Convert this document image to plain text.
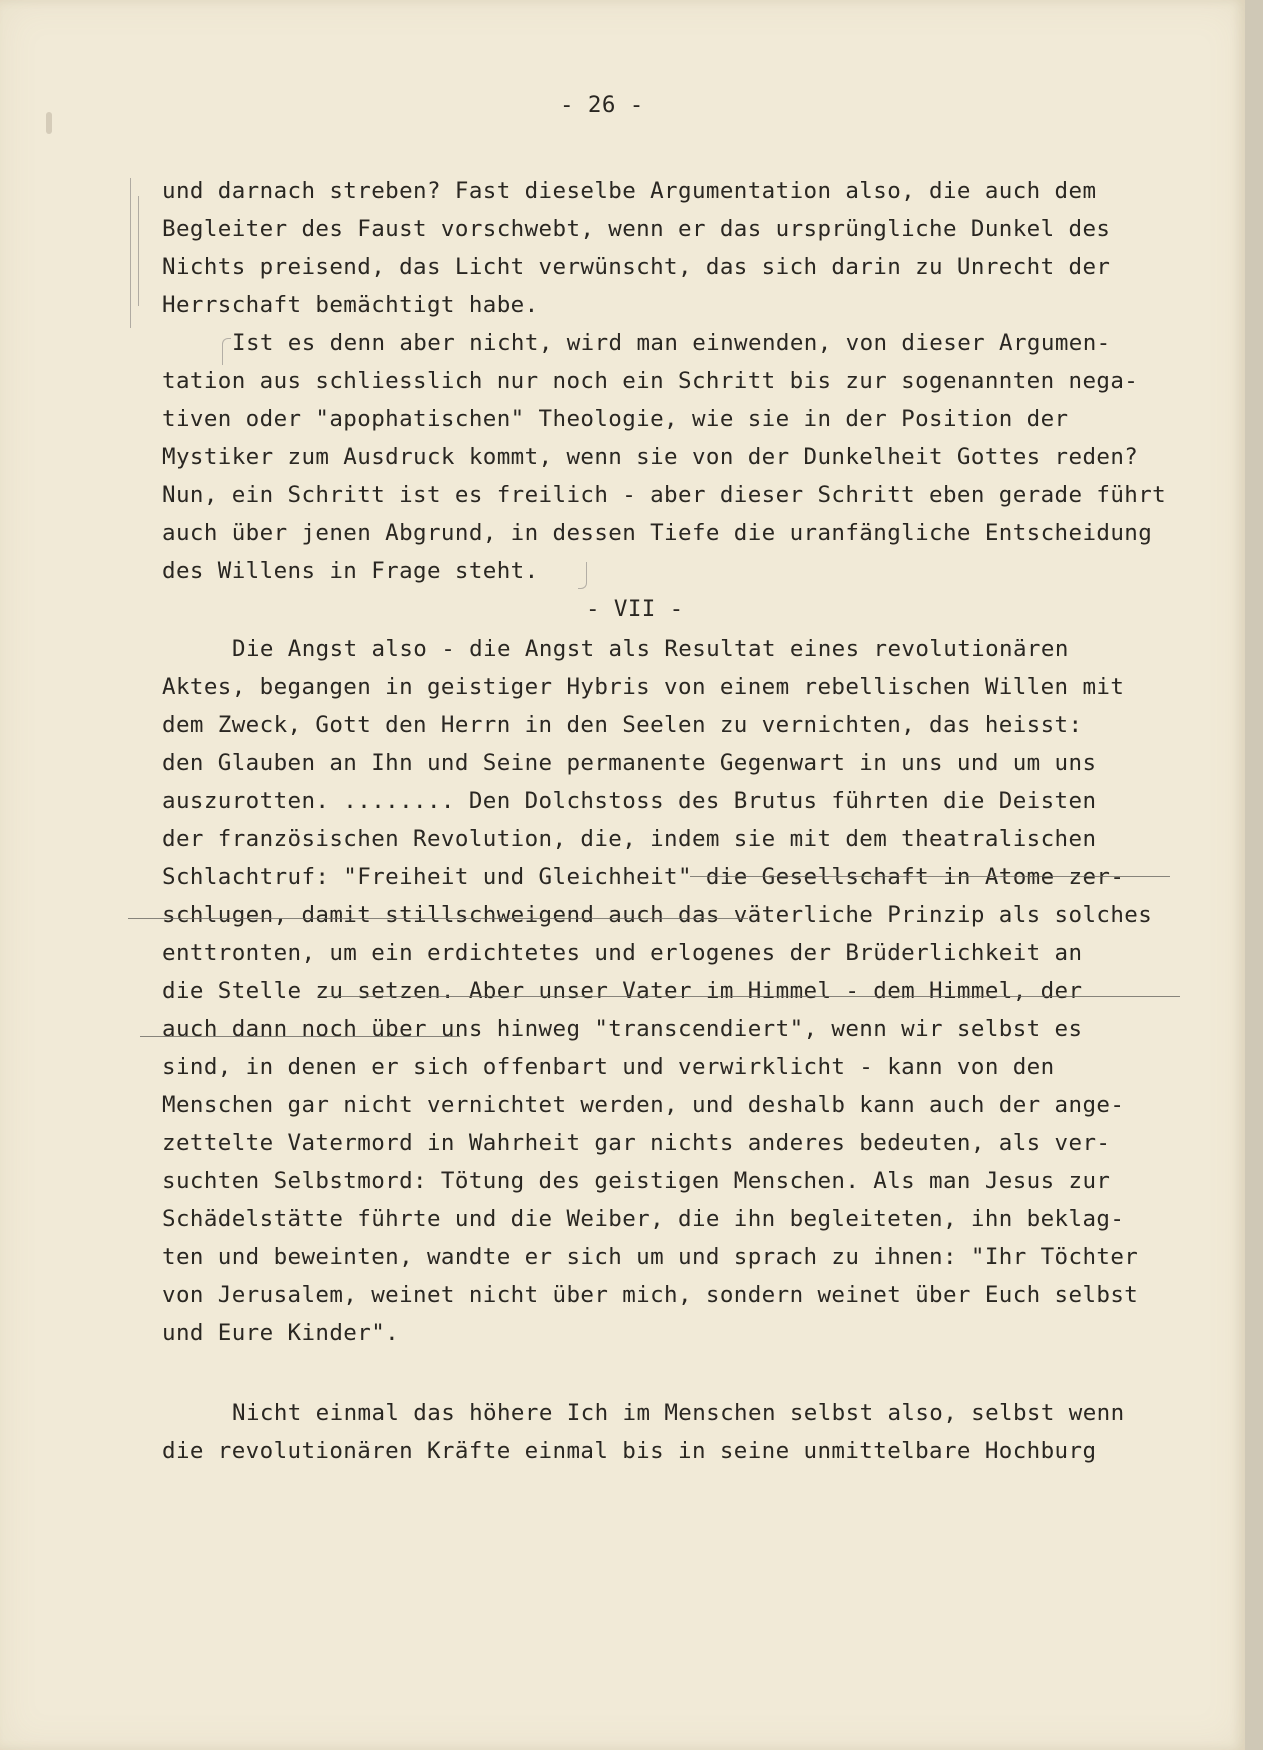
- 26 -
und darnach streben? Fast dieselbe Argumentation also, die auch dem
Begleiter des Faust vorschwebt, wenn er das ursprüngliche Dunkel des
Nichts preisend, das Licht verwünscht, das sich darin zu Unrecht der
Herrschaft bemächtigt habe.
Ist es denn aber nicht, wird man einwenden, von dieser Argumen-
tation aus schliesslich nur noch ein Schritt bis zur sogenannten nega-
tiven oder "apophatischen" Theologie, wie sie in der Position der
Mystiker zum Ausdruck kommt, wenn sie von der Dunkelheit Gottes reden?
Nun, ein Schritt ist es freilich - aber dieser Schritt eben gerade führt
auch über jenen Abgrund, in dessen Tiefe die uranfängliche Entscheidung
des Willens in Frage steht.
- VII -
Die Angst also - die Angst als Resultat eines revolutionären
Aktes, begangen in geistiger Hybris von einem rebellischen Willen mit
dem Zweck, Gott den Herrn in den Seelen zu vernichten, das heisst:
den Glauben an Ihn und Seine permanente Gegenwart in uns und um uns
auszurotten. ........ Den Dolchstoss des Brutus führten die Deisten
der französischen Revolution, die, indem sie mit dem theatralischen
Schlachtruf: "Freiheit und Gleichheit" die Gesellschaft in Atome zer-
schlugen, damit stillschweigend auch das väterliche Prinzip als solches
enttronten, um ein erdichtetes und erlogenes der Brüderlichkeit an
die Stelle zu setzen. Aber unser Vater im Himmel - dem Himmel, der
auch dann noch über uns hinweg "transcendiert", wenn wir selbst es
sind, in denen er sich offenbart und verwirklicht - kann von den
Menschen gar nicht vernichtet werden, und deshalb kann auch der ange-
zettelte Vatermord in Wahrheit gar nichts anderes bedeuten, als ver-
suchten Selbstmord: Tötung des geistigen Menschen. Als man Jesus zur
Schädelstätte führte und die Weiber, die ihn begleiteten, ihn beklag-
ten und beweinten, wandte er sich um und sprach zu ihnen: "Ihr Töchter
von Jerusalem, weinet nicht über mich, sondern weinet über Euch selbst
und Eure Kinder".
Nicht einmal das höhere Ich im Menschen selbst also, selbst wenn
die revolutionären Kräfte einmal bis in seine unmittelbare Hochburg
